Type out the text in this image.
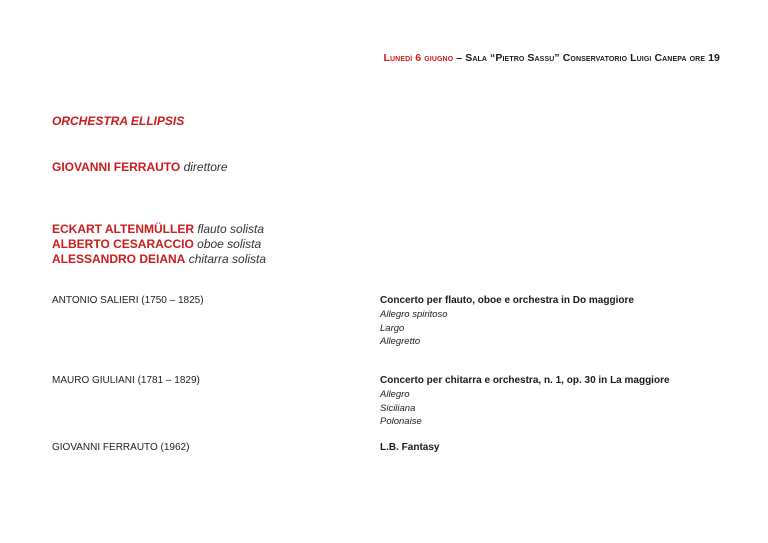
Lunedì 6 giugno – Sala “Pietro Sassu” Conservatorio Luigi Canepa ore 19
ORCHESTRA ELLIPSIS
GIOVANNI FERRAUTO direttore
ECKART ALTENMÜLLER flauto solista
ALBERTO CESARACCIO oboe solista
ALESSANDRO DEIANA chitarra solista
ANTONIO SALIERI (1750 – 1825)	Concerto per flauto, oboe e orchestra in Do maggiore
Allegro spiritoso
Largo
Allegretto
MAURO GIULIANI (1781 – 1829)	Concerto per chitarra e orchestra, n. 1, op. 30 in La maggiore
Allegro
Siciliana
Polonaise
GIOVANNI FERRAUTO (1962)	L.B. Fantasy
